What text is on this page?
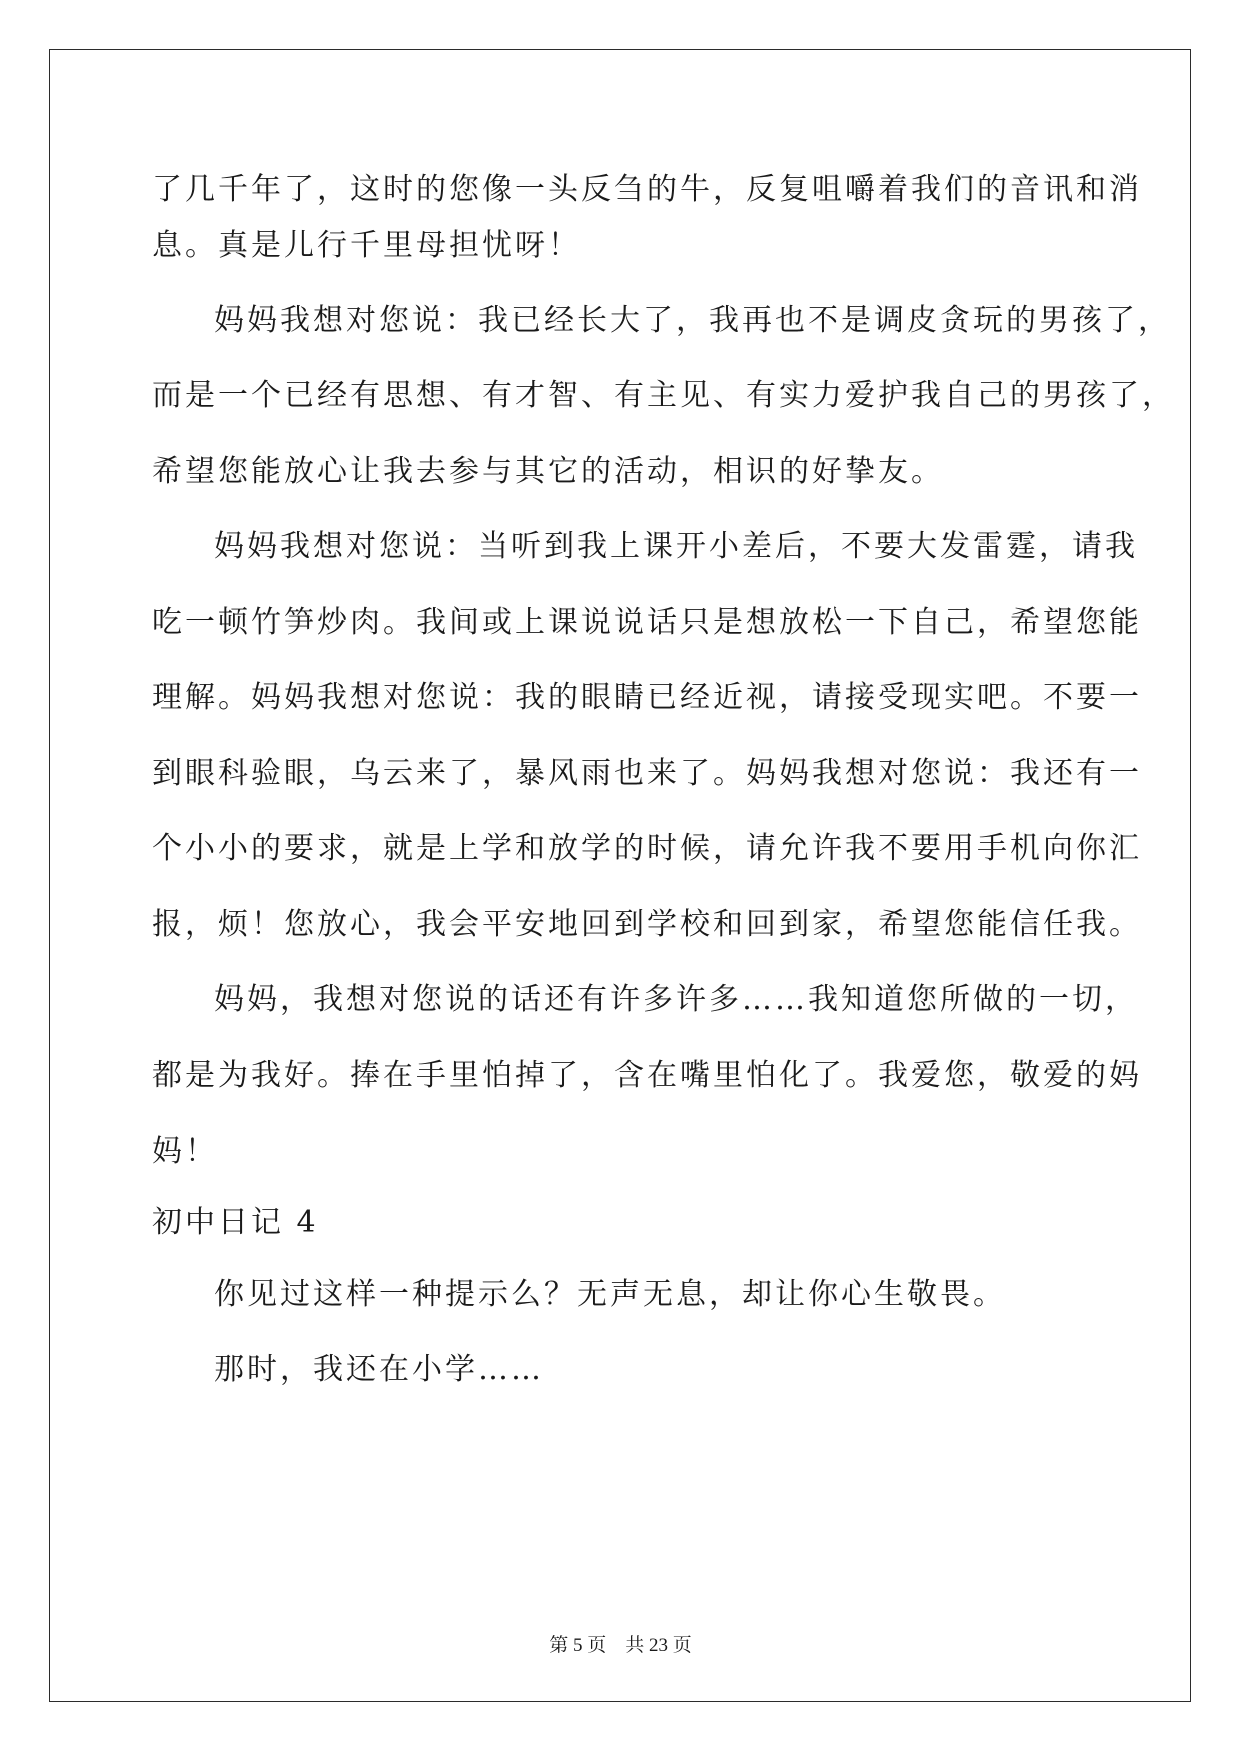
了几千年了，这时的您像一头反刍的牛，反复咀嚼着我们的音讯和消
息。真是儿行千里母担忧呀！
妈妈我想对您说：我已经长大了，我再也不是调皮贪玩的男孩了，
而是一个已经有思想、有才智、有主见、有实力爱护我自己的男孩了，
希望您能放心让我去参与其它的活动，相识的好挚友。
妈妈我想对您说：当听到我上课开小差后，不要大发雷霆，请我
吃一顿竹笋炒肉。我间或上课说说话只是想放松一下自己，希望您能
理解。妈妈我想对您说：我的眼睛已经近视，请接受现实吧。不要一
到眼科验眼，乌云来了，暴风雨也来了。妈妈我想对您说：我还有一
个小小的要求，就是上学和放学的时候，请允许我不要用手机向你汇
报，烦！您放心，我会平安地回到学校和回到家，希望您能信任我。
妈妈，我想对您说的话还有许多许多……我知道您所做的一切，
都是为我好。捧在手里怕掉了，含在嘴里怕化了。我爱您，敬爱的妈
妈！
初中日记 4
你见过这样一种提示么？无声无息，却让你心生敬畏。
那时，我还在小学……
第 5 页    共 23 页
